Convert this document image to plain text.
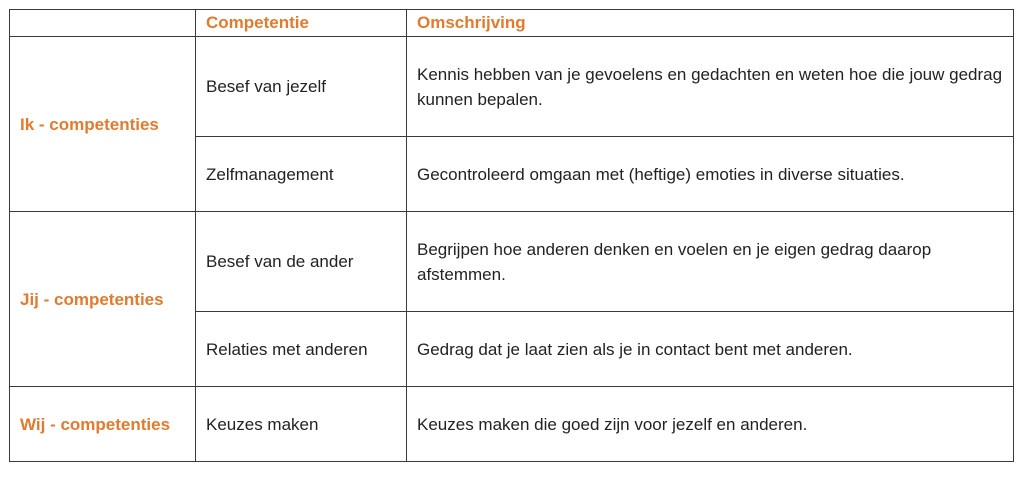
	Competentie	Omschrijving
Ik - competenties	Besef van jezelf	Kennis hebben van je gevoelens en gedachten en weten hoe die jouw gedrag kunnen bepalen.
	Zelfmanagement	Gecontroleerd omgaan met (heftige) emoties in diverse situaties.
Jij - competenties	Besef van de ander	Begrijpen hoe anderen denken en voelen en je eigen gedrag daarop afstemmen.
	Relaties met anderen	Gedrag dat je laat zien als je in contact bent met anderen.
Wij - competenties	Keuzes maken	Keuzes maken die goed zijn voor jezelf en anderen.
